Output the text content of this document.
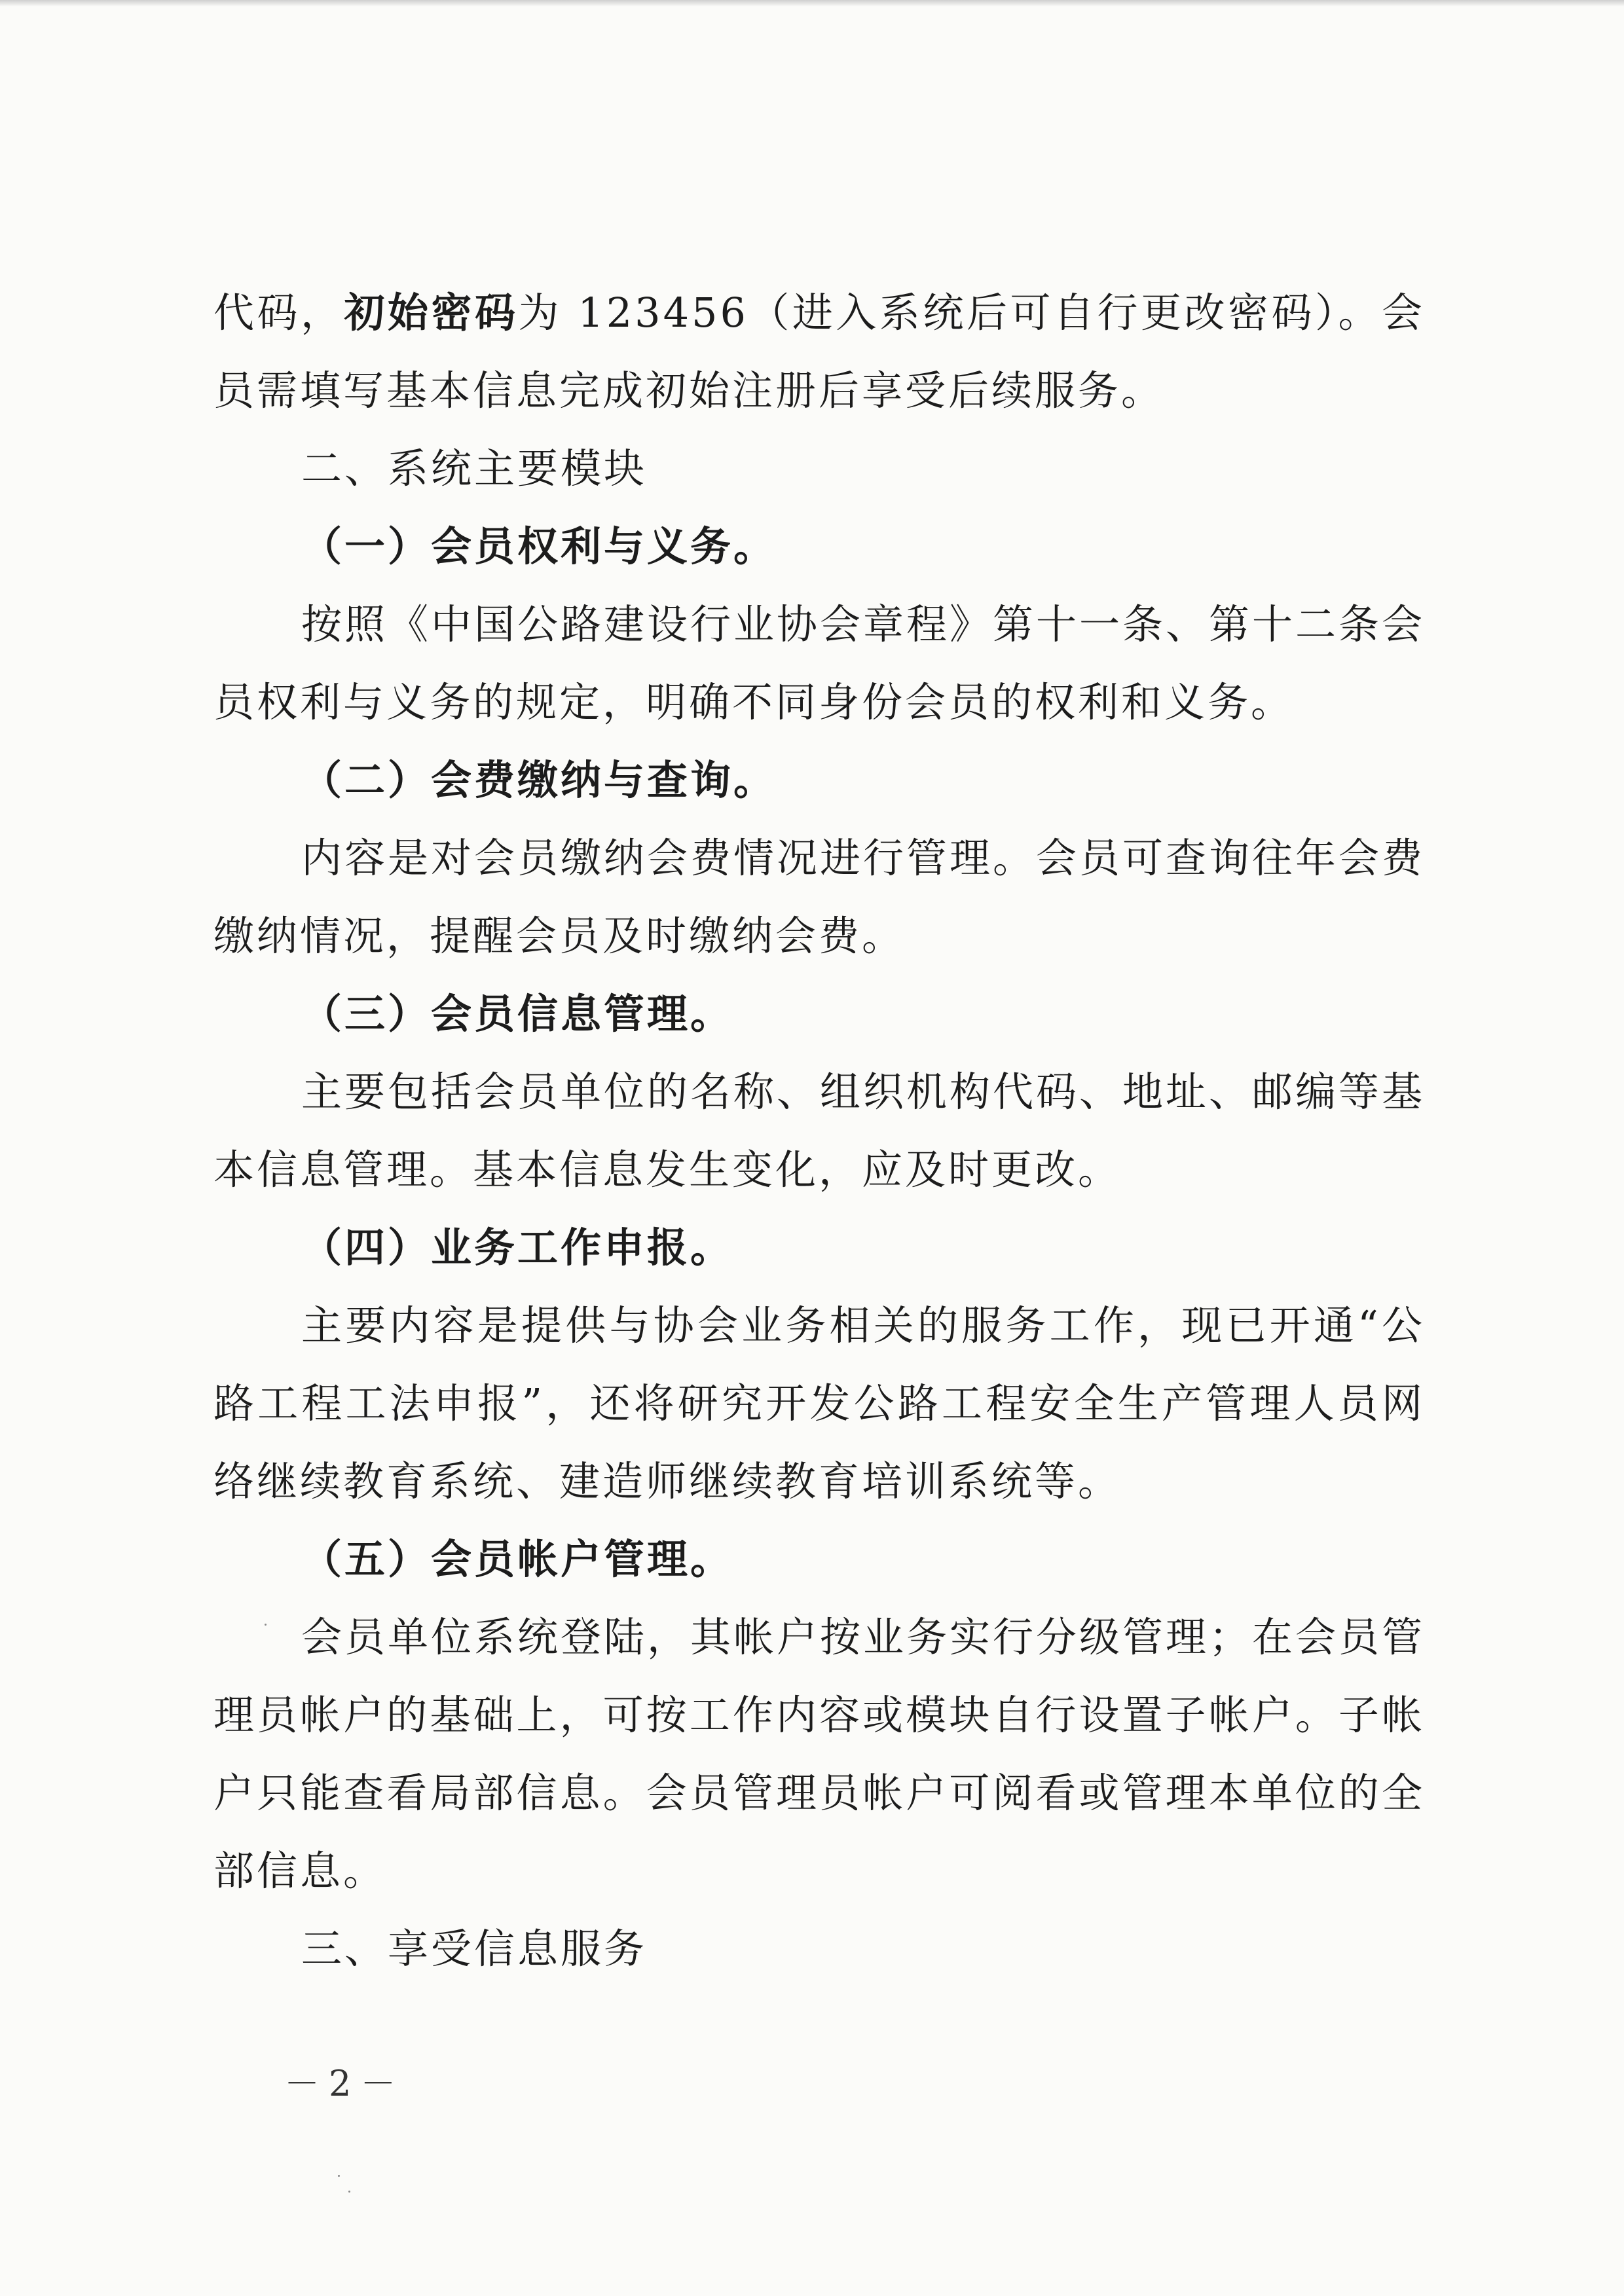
代码，初始密码为 123456（进入系统后可自行更改密码）。会员需填写基本信息完成初始注册后享受后续服务。

二、系统主要模块

（一）会员权利与义务。

按照《中国公路建设行业协会章程》第十一条、第十二条会员权利与义务的规定，明确不同身份会员的权利和义务。

（二）会费缴纳与查询。

内容是对会员缴纳会费情况进行管理。会员可查询往年会费缴纳情况，提醒会员及时缴纳会费。

（三）会员信息管理。

主要包括会员单位的名称、组织机构代码、地址、邮编等基本信息管理。基本信息发生变化，应及时更改。

（四）业务工作申报。

主要内容是提供与协会业务相关的服务工作，现已开通“公路工程工法申报”，还将研究开发公路工程安全生产管理人员网络继续教育系统、建造师继续教育培训系统等。

（五）会员帐户管理。

会员单位系统登陆，其帐户按业务实行分级管理；在会员管理员帐户的基础上，可按工作内容或模块自行设置子帐户。子帐户只能查看局部信息。会员管理员帐户可阅看或管理本单位的全部信息。

三、享受信息服务

－2－
